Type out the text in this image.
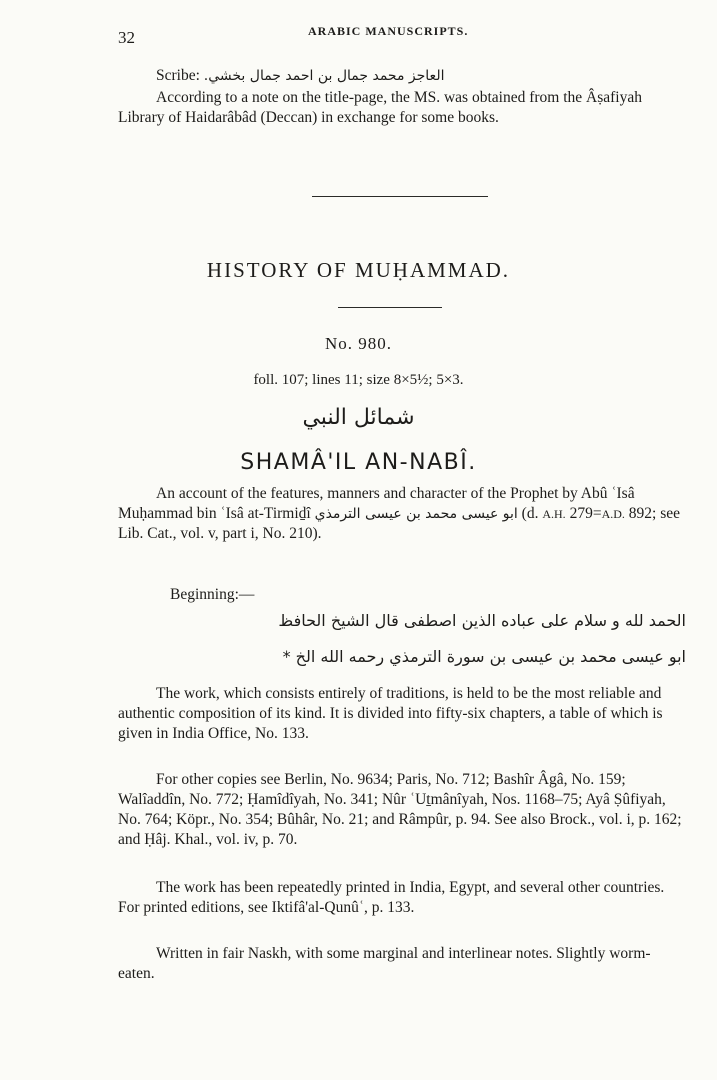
32	ARABIC MANUSCRIPTS.
Scribe: العاجز محمد جمال بن احمد جمال بخشي.
According to a note on the title-page, the MS. was obtained from the Âṣafiyah Library of Haidarâbâd (Deccan) in exchange for some books.
HISTORY OF MUḤAMMAD.
No. 980.
foll. 107; lines 11; size 8×5½; 5×3.
شمائل النبي
SHAMÂ'IL AN-NABÎ.
An account of the features, manners and character of the Prophet by Abû ʿIsâ Muḥammad bin ʿIsâ at-Tirmiḏî ابو عيسى محمد بن عيسى الترمذي (d. A.H. 279=A.D. 892; see Lib. Cat., vol. v, part i, No. 210).
Beginning:—
الحمد لله و سلام على عباده الذين اصطفى قال الشيخ الحافظ
ابو عيسى محمد بن عيسى بن سورة الترمذي رحمه الله الخ *
The work, which consists entirely of traditions, is held to be the most reliable and authentic composition of its kind. It is divided into fifty-six chapters, a table of which is given in India Office, No. 133.
For other copies see Berlin, No. 9634; Paris, No. 712; Bashîr Âgâ, No. 159; Walîaddîn, No. 772; Ḥamîdîyah, No. 341; Nûr ʿUṯmânîyah, Nos. 1168–75; Ayâ Ṣûfiyah, No. 764; Köpr., No. 354; Bûhâr, No. 21; and Râmpûr, p. 94. See also Brock., vol. i, p. 162; and Ḥâj. Khal., vol. iv, p. 70.
The work has been repeatedly printed in India, Egypt, and several other countries. For printed editions, see Iktifâ'al-Qunûʿ, p. 133.
Written in fair Naskh, with some marginal and interlinear notes. Slightly worm-eaten.
